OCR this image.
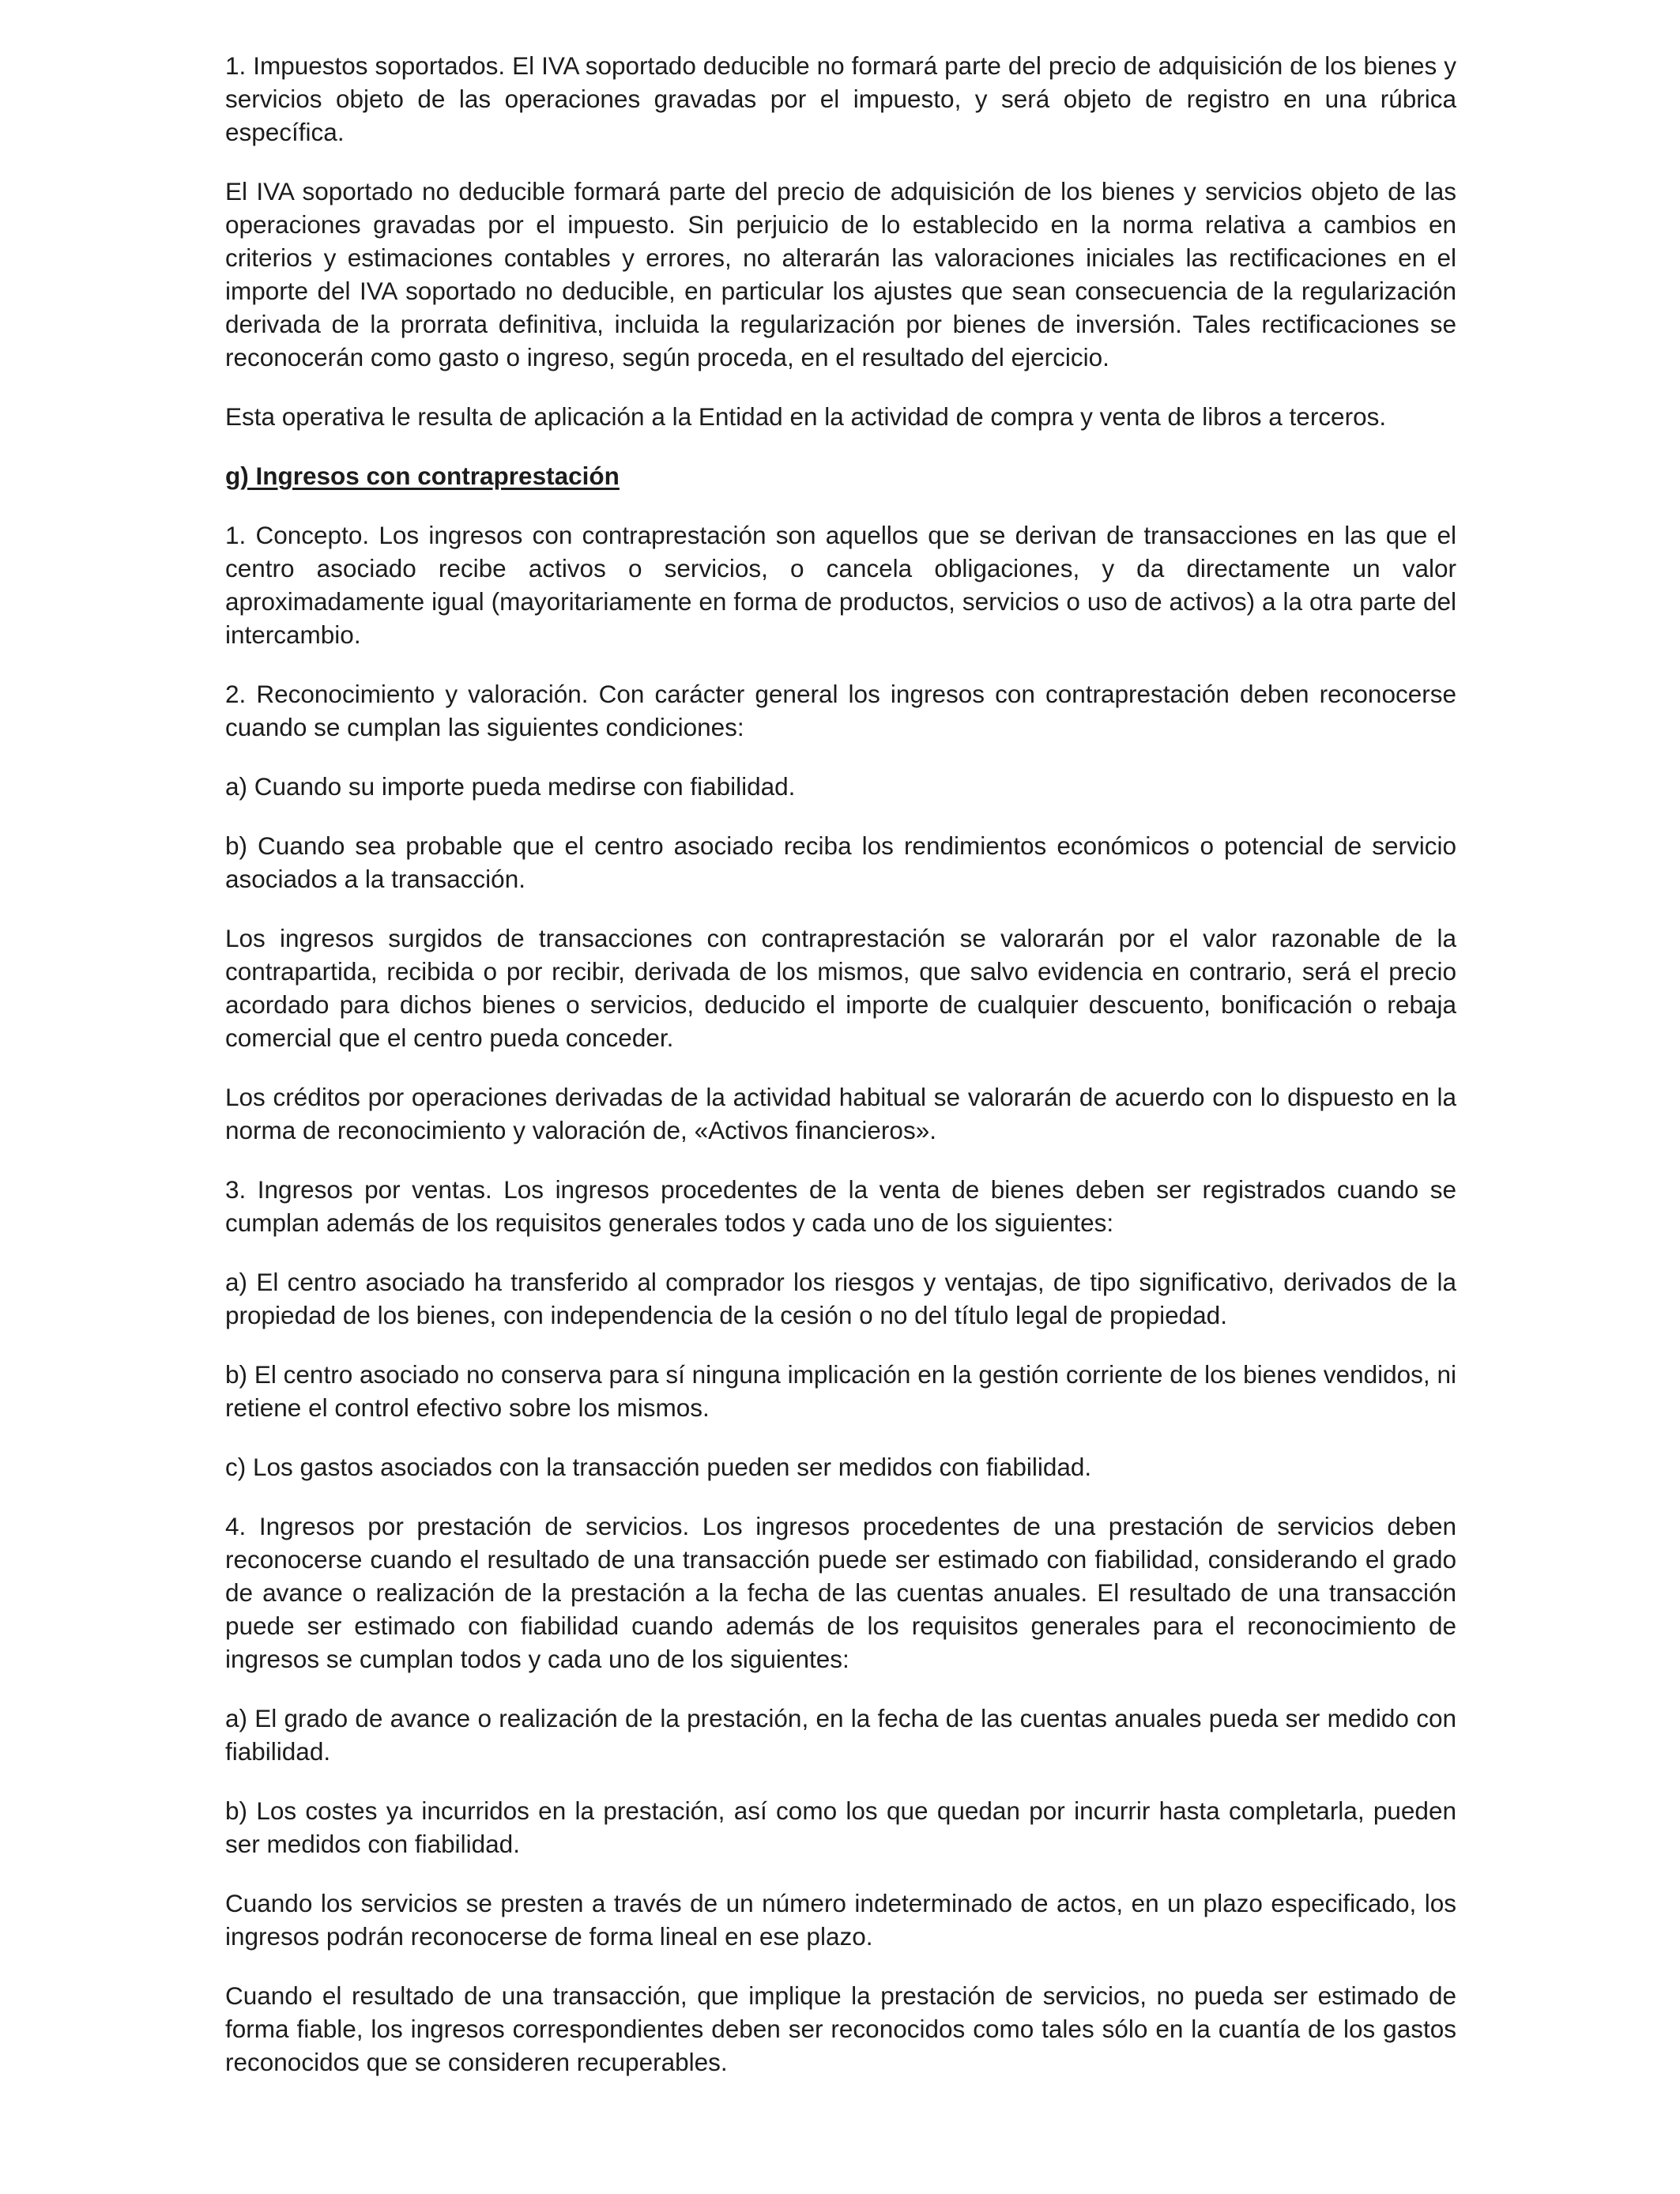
1. Impuestos soportados. El IVA soportado deducible no formará parte del precio de adquisición de los bienes y servicios objeto de las operaciones gravadas por el impuesto, y será objeto de registro en una rúbrica específica.

El IVA soportado no deducible formará parte del precio de adquisición de los bienes y servicios objeto de las operaciones gravadas por el impuesto. Sin perjuicio de lo establecido en la norma relativa a cambios en criterios y estimaciones contables y errores, no alterarán las valoraciones iniciales las rectificaciones en el importe del IVA soportado no deducible, en particular los ajustes que sean consecuencia de la regularización derivada de la prorrata definitiva, incluida la regularización por bienes de inversión. Tales rectificaciones se reconocerán como gasto o ingreso, según proceda, en el resultado del ejercicio.

Esta operativa le resulta de aplicación a la Entidad en la actividad de compra y venta de libros a terceros.

g) Ingresos con contraprestación

1. Concepto. Los ingresos con contraprestación son aquellos que se derivan de transacciones en las que el centro asociado recibe activos o servicios, o cancela obligaciones, y da directamente un valor aproximadamente igual (mayoritariamente en forma de productos, servicios o uso de activos) a la otra parte del intercambio.

2. Reconocimiento y valoración. Con carácter general los ingresos con contraprestación deben reconocerse cuando se cumplan las siguientes condiciones:

a) Cuando su importe pueda medirse con fiabilidad.

b) Cuando sea probable que el centro asociado reciba los rendimientos económicos o potencial de servicio asociados a la transacción.

Los ingresos surgidos de transacciones con contraprestación se valorarán por el valor razonable de la contrapartida, recibida o por recibir, derivada de los mismos, que salvo evidencia en contrario, será el precio acordado para dichos bienes o servicios, deducido el importe de cualquier descuento, bonificación o rebaja comercial que el centro pueda conceder.

Los créditos por operaciones derivadas de la actividad habitual se valorarán de acuerdo con lo dispuesto en la norma de reconocimiento y valoración de, «Activos financieros».

3. Ingresos por ventas. Los ingresos procedentes de la venta de bienes deben ser registrados cuando se cumplan además de los requisitos generales todos y cada uno de los siguientes:

a) El centro asociado ha transferido al comprador los riesgos y ventajas, de tipo significativo, derivados de la propiedad de los bienes, con independencia de la cesión o no del título legal de propiedad.

b) El centro asociado no conserva para sí ninguna implicación en la gestión corriente de los bienes vendidos, ni retiene el control efectivo sobre los mismos.

c) Los gastos asociados con la transacción pueden ser medidos con fiabilidad.

4. Ingresos por prestación de servicios. Los ingresos procedentes de una prestación de servicios deben reconocerse cuando el resultado de una transacción puede ser estimado con fiabilidad, considerando el grado de avance o realización de la prestación a la fecha de las cuentas anuales. El resultado de una transacción puede ser estimado con fiabilidad cuando además de los requisitos generales para el reconocimiento de ingresos se cumplan todos y cada uno de los siguientes:

a) El grado de avance o realización de la prestación, en la fecha de las cuentas anuales pueda ser medido con fiabilidad.

b) Los costes ya incurridos en la prestación, así como los que quedan por incurrir hasta completarla, pueden ser medidos con fiabilidad.

Cuando los servicios se presten a través de un número indeterminado de actos, en un plazo especificado, los ingresos podrán reconocerse de forma lineal en ese plazo.

Cuando el resultado de una transacción, que implique la prestación de servicios, no pueda ser estimado de forma fiable, los ingresos correspondientes deben ser reconocidos como tales sólo en la cuantía de los gastos reconocidos que se consideren recuperables.
